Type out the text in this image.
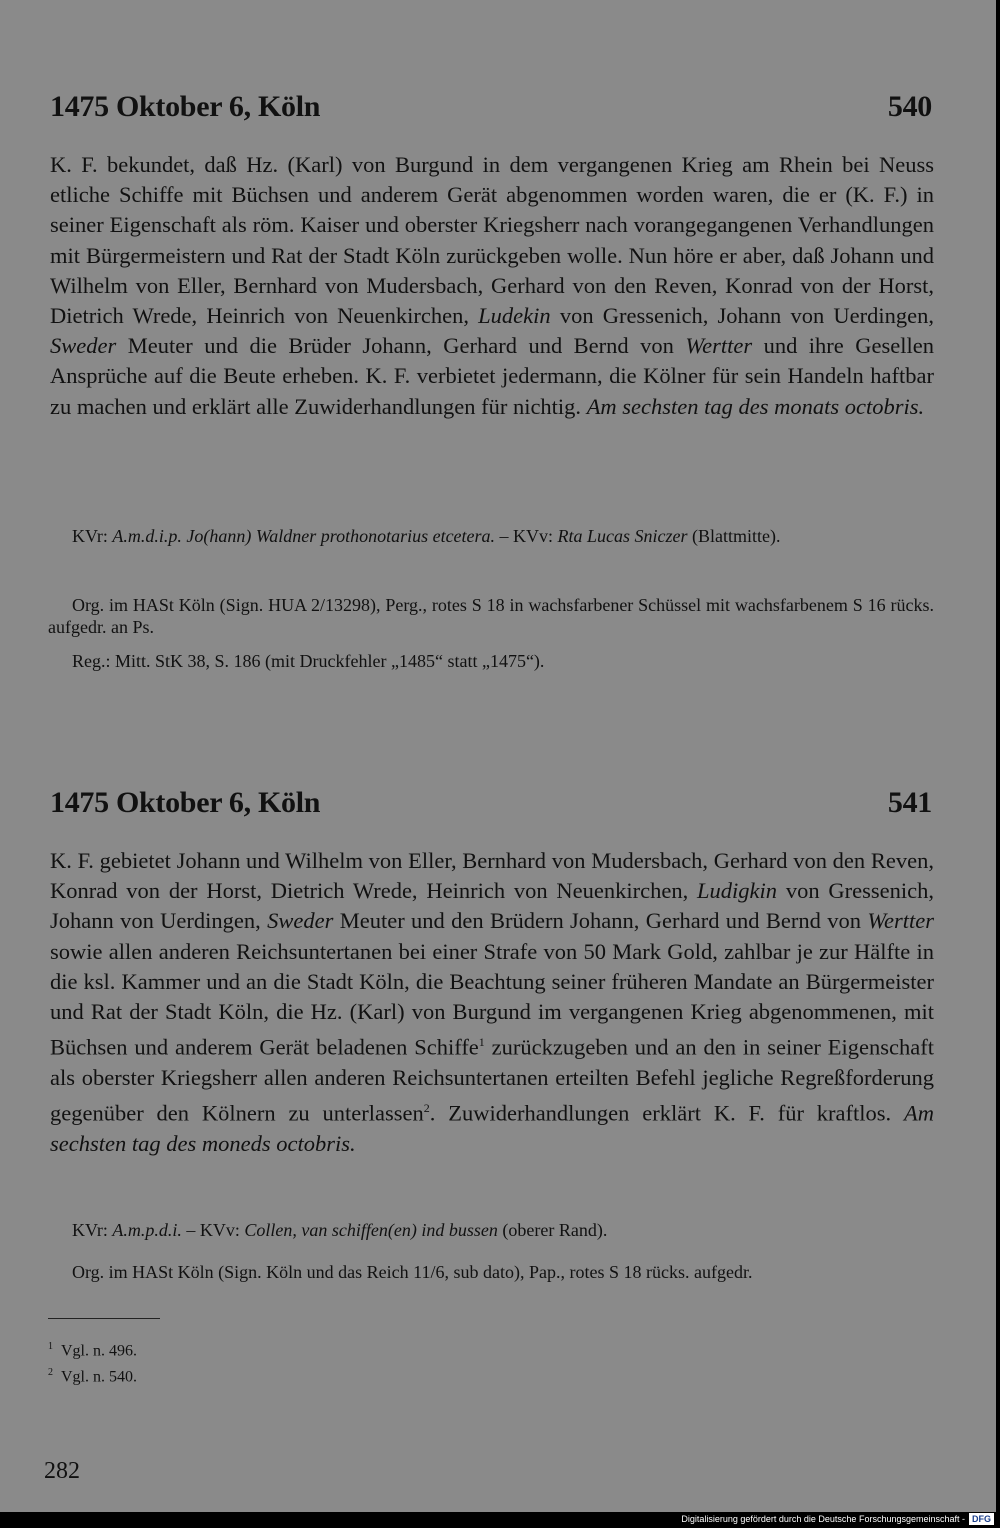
1475 Oktober 6, Köln	540

K. F. bekundet, daß Hz. (Karl) von Burgund in dem vergangenen Krieg am Rhein bei Neuss etliche Schiffe mit Büchsen und anderem Gerät abgenommen worden waren, die er (K. F.) in seiner Eigenschaft als röm. Kaiser und oberster Kriegsherr nach vorangegangenen Verhandlungen mit Bürgermeistern und Rat der Stadt Köln zurückgeben wolle. Nun höre er aber, daß Johann und Wilhelm von Eller, Bernhard von Mudersbach, Gerhard von den Reven, Konrad von der Horst, Dietrich Wrede, Heinrich von Neuenkirchen, Ludekin von Gressenich, Johann von Uerdingen, Sweder Meuter und die Brüder Johann, Gerhard und Bernd von Wertter und ihre Gesellen Ansprüche auf die Beute erheben. K. F. verbietet jedermann, die Kölner für sein Handeln haftbar zu machen und erklärt alle Zuwiderhandlungen für nichtig. Am sechsten tag des monats octobris.

KVr: A.m.d.i.p. Jo(hann) Waldner prothonotarius etcetera. – KVv: Rta Lucas Sniczer (Blattmitte).

Org. im HASt Köln (Sign. HUA 2/13298), Perg., rotes S 18 in wachsfarbener Schüssel mit wachsfarbenem S 16 rücks. aufgedr. an Ps.

Reg.: Mitt. StK 38, S. 186 (mit Druckfehler „1485“ statt „1475“).

1475 Oktober 6, Köln	541

K. F. gebietet Johann und Wilhelm von Eller, Bernhard von Mudersbach, Gerhard von den Reven, Konrad von der Horst, Dietrich Wrede, Heinrich von Neuenkirchen, Ludigkin von Gressenich, Johann von Uerdingen, Sweder Meuter und den Brüdern Johann, Gerhard und Bernd von Wertter sowie allen anderen Reichsuntertanen bei einer Strafe von 50 Mark Gold, zahlbar je zur Hälfte in die ksl. Kammer und an die Stadt Köln, die Beachtung seiner früheren Mandate an Bürgermeister und Rat der Stadt Köln, die Hz. (Karl) von Burgund im vergangenen Krieg abgenommenen, mit Büchsen und anderem Gerät beladenen Schiffe$^1$ zurückzugeben und an den in seiner Eigenschaft als oberster Kriegsherr allen anderen Reichsuntertanen erteilten Befehl jegliche Regreßforderung gegenüber den Kölnern zu unterlassen$^2$. Zuwiderhandlungen erklärt K. F. für kraftlos. Am sechsten tag des moneds octobris.

KVr: A.m.p.d.i. – KVv: Collen, van schiffen(en) ind bussen (oberer Rand).

Org. im HASt Köln (Sign. Köln und das Reich 11/6, sub dato), Pap., rotes S 18 rücks. aufgedr.

$^1$ Vgl. n. 496.
$^2$ Vgl. n. 540.
282
Digitalisierung gefördert durch die Deutsche Forschungsgemeinschaft - DFG
